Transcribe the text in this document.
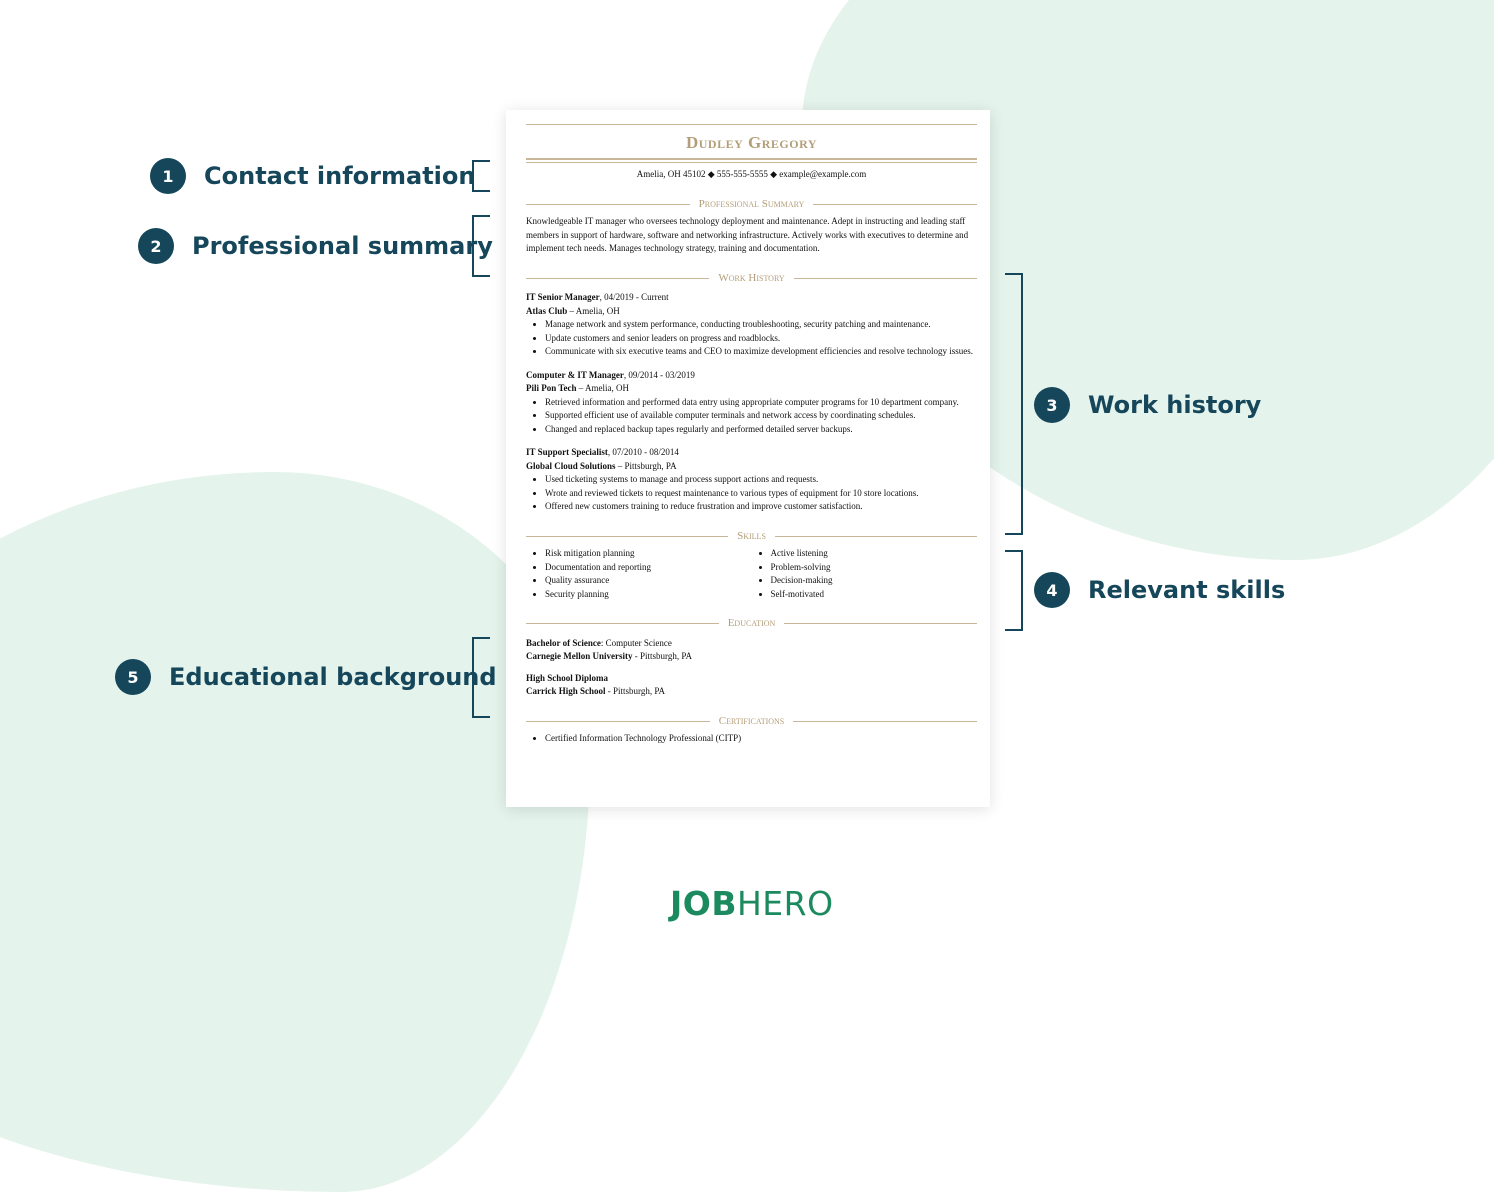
1	Contact information
2	Professional summary
3	Work history
4	Relevant skills
5	Educational background
Dudley Gregory
Amelia, OH 45102 ◆ 555-555-5555 ◆ example@example.com
Professional Summary
Knowledgeable IT manager who oversees technology deployment and maintenance. Adept in instructing and leading staff members in support of hardware, software and networking infrastructure. Actively works with executives to determine and implement tech needs. Manages technology strategy, training and documentation.
Work History
IT Senior Manager, 04/2019 - Current
Atlas Club – Amelia, OH
• Manage network and system performance, conducting troubleshooting, security patching and maintenance.
• Update customers and senior leaders on progress and roadblocks.
• Communicate with six executive teams and CEO to maximize development efficiencies and resolve technology issues.
Computer & IT Manager, 09/2014 - 03/2019
Pili Pon Tech – Amelia, OH
• Retrieved information and performed data entry using appropriate computer programs for 10 department company.
• Supported efficient use of available computer terminals and network access by coordinating schedules.
• Changed and replaced backup tapes regularly and performed detailed server backups.
IT Support Specialist, 07/2010 - 08/2014
Global Cloud Solutions – Pittsburgh, PA
• Used ticketing systems to manage and process support actions and requests.
• Wrote and reviewed tickets to request maintenance to various types of equipment for 10 store locations.
• Offered new customers training to reduce frustration and improve customer satisfaction.
Skills
• Risk mitigation planning
• Documentation and reporting
• Quality assurance
• Security planning
• Active listening
• Problem-solving
• Decision-making
• Self-motivated
Education
Bachelor of Science: Computer Science
Carnegie Mellon University - Pittsburgh, PA
High School Diploma
Carrick High School - Pittsburgh, PA
Certifications
• Certified Information Technology Professional (CITP)
JOBHERO
